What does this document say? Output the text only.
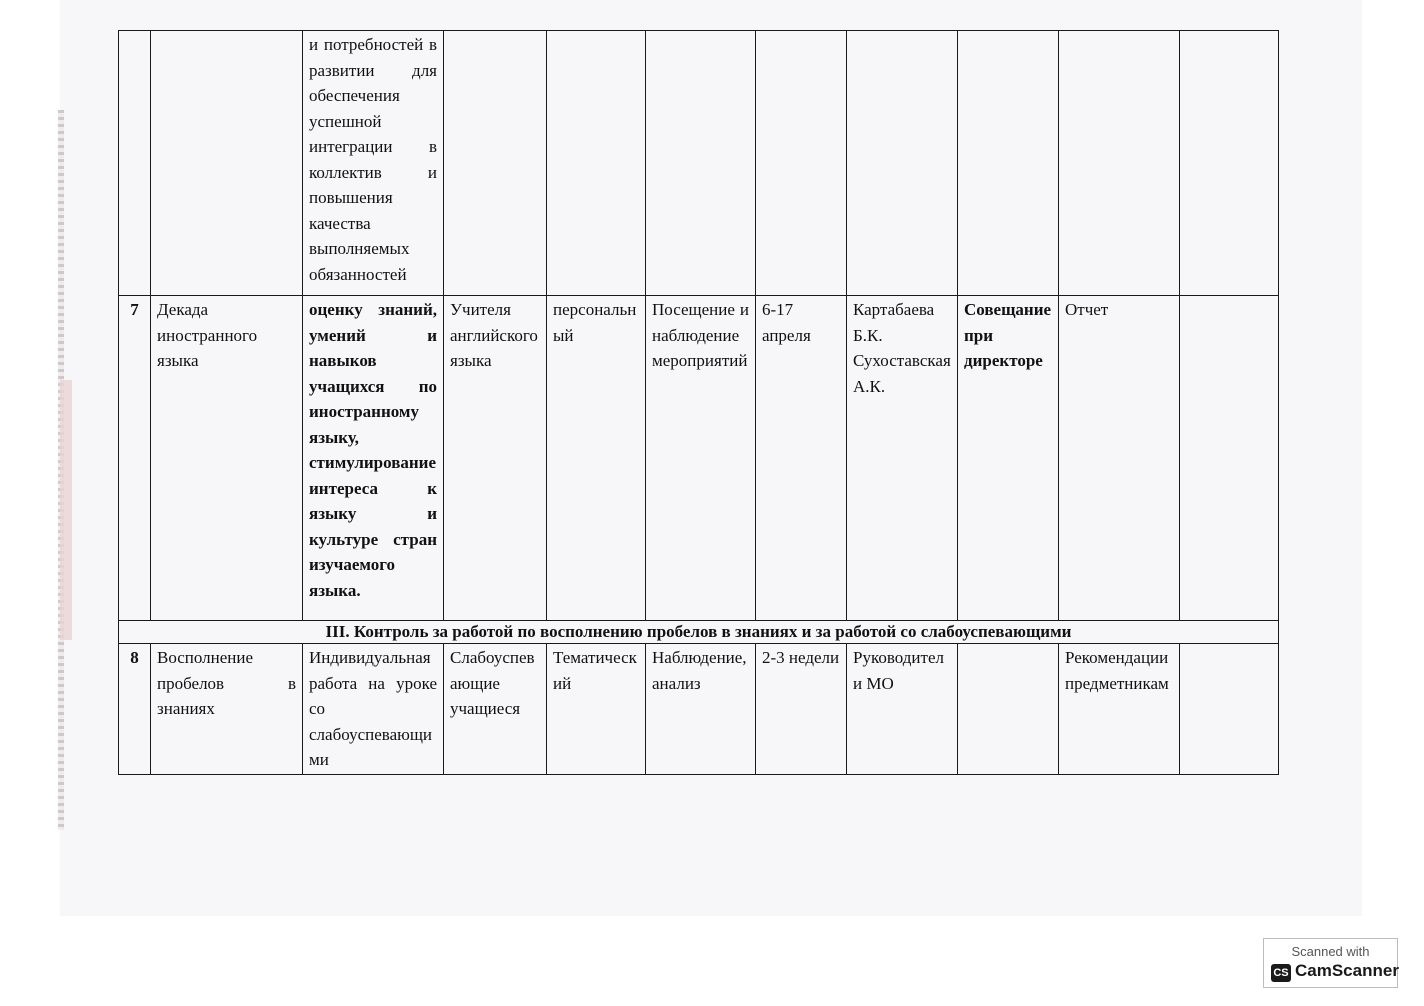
		и потребностей в развитии для обеспечения успешной интеграции в коллектив и повышения качества выполняемых обязанностей								
7	Декада иностранного языка	оценку знаний, умений и навыков учащихся по иностранному языку, стимулирование интереса к языку и культуре стран изучаемого языка.	Учителя английского языка	персональный	Посещение и наблюдение мероприятий	6-17 апреля	Картабаева Б.К. Сухоставская А.К.	Совещание при директоре	Отчет	
III. Контроль за работой по восполнению пробелов в знаниях и за работой со слабоуспевающими										
8	Восполнение пробелов в знаниях	Индивидуальная работа на уроке со слабоуспевающими	Слабоуспевающие учащиеся	Тематический	Наблюдение, анализ	2-3 недели	Руководители МО		Рекомендации предметникам	
Scanned with
CS CamScanner
